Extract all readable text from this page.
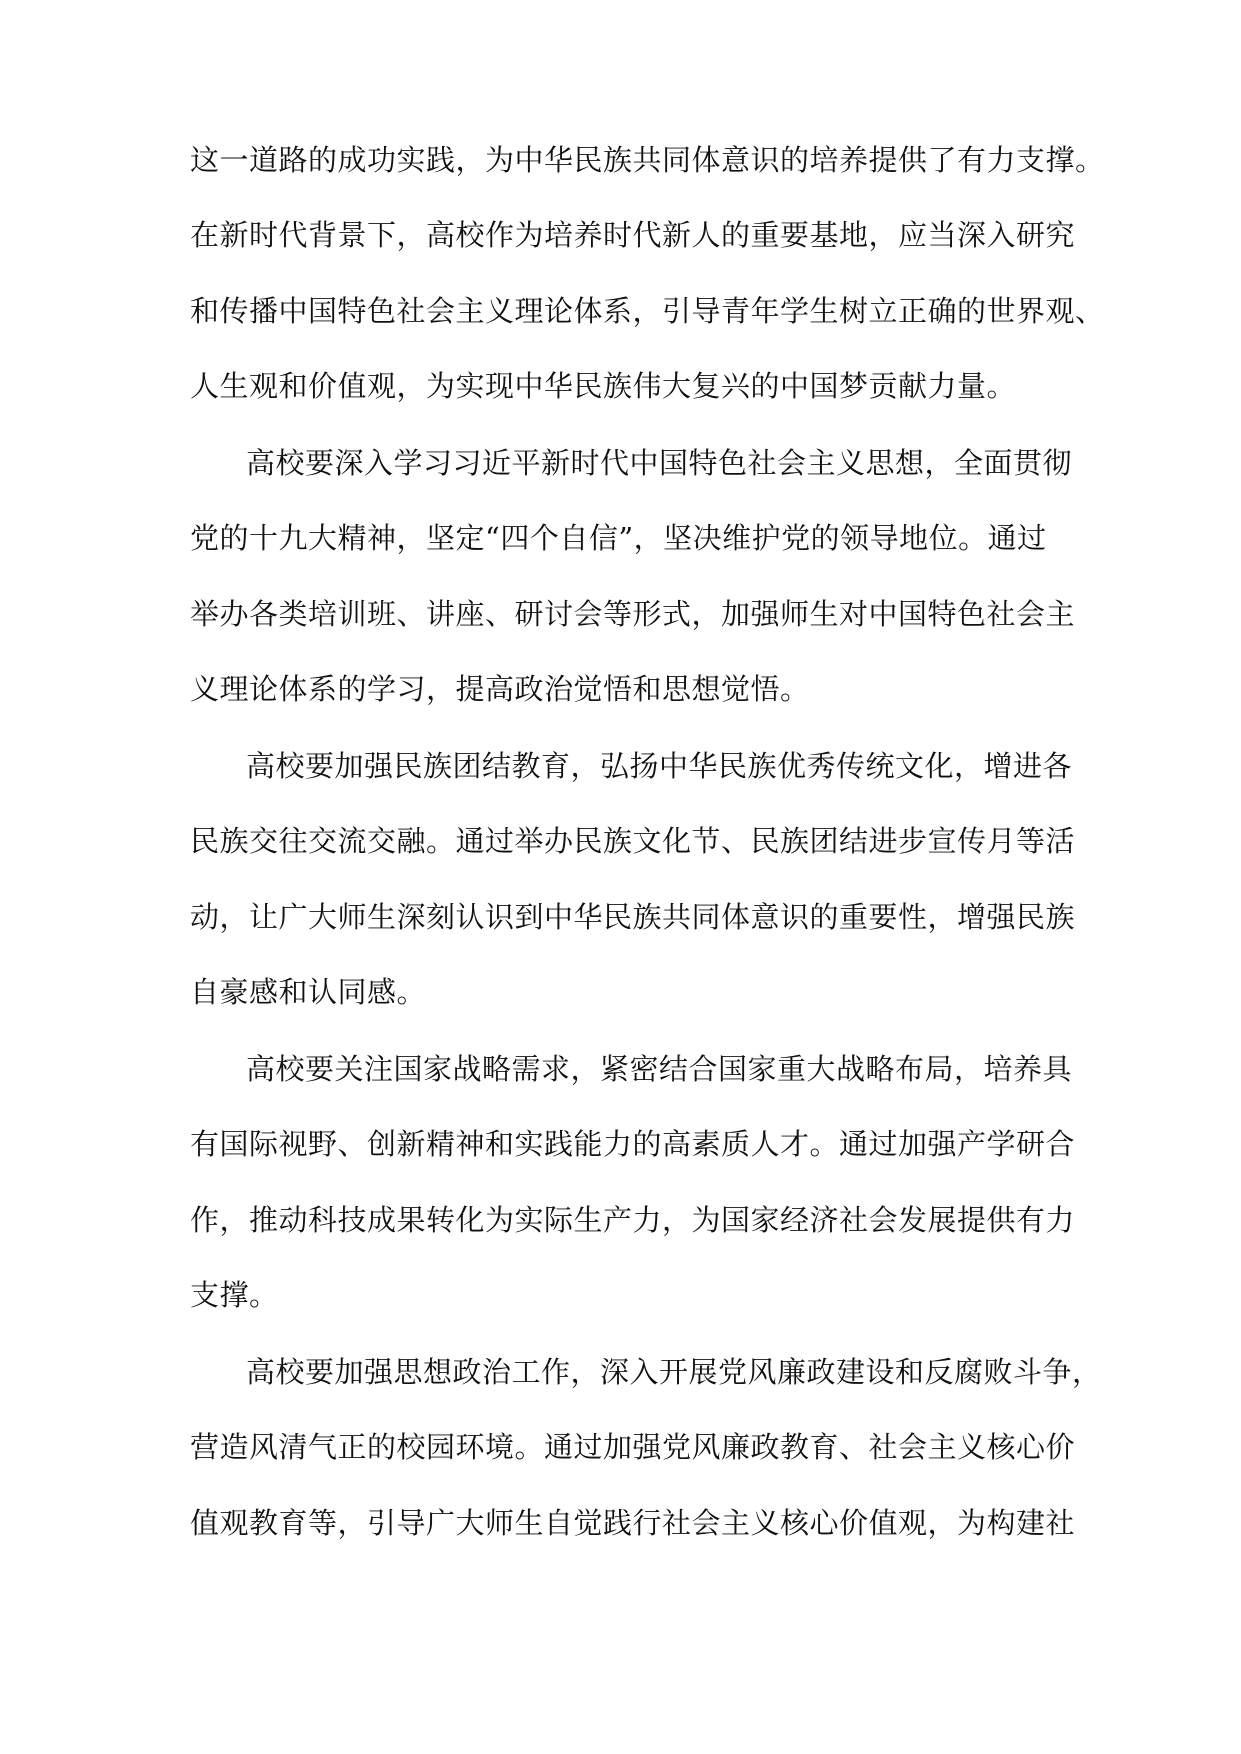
这一道路的成功实践，为中华民族共同体意识的培养提供了有力支撑。
在新时代背景下，高校作为培养时代新人的重要基地，应当深入研究
和传播中国特色社会主义理论体系，引导青年学生树立正确的世界观、
人生观和价值观，为实现中华民族伟大复兴的中国梦贡献力量。
高校要深入学习习近平新时代中国特色社会主义思想，全面贯彻
党的十九大精神，坚定“四个自信”，坚决维护党的领导地位。通过
举办各类培训班、讲座、研讨会等形式，加强师生对中国特色社会主
义理论体系的学习，提高政治觉悟和思想觉悟。
高校要加强民族团结教育，弘扬中华民族优秀传统文化，增进各
民族交往交流交融。通过举办民族文化节、民族团结进步宣传月等活
动，让广大师生深刻认识到中华民族共同体意识的重要性，增强民族
自豪感和认同感。
高校要关注国家战略需求，紧密结合国家重大战略布局，培养具
有国际视野、创新精神和实践能力的高素质人才。通过加强产学研合
作，推动科技成果转化为实际生产力，为国家经济社会发展提供有力
支撑。
高校要加强思想政治工作，深入开展党风廉政建设和反腐败斗争，
营造风清气正的校园环境。通过加强党风廉政教育、社会主义核心价
值观教育等，引导广大师生自觉践行社会主义核心价值观，为构建社
